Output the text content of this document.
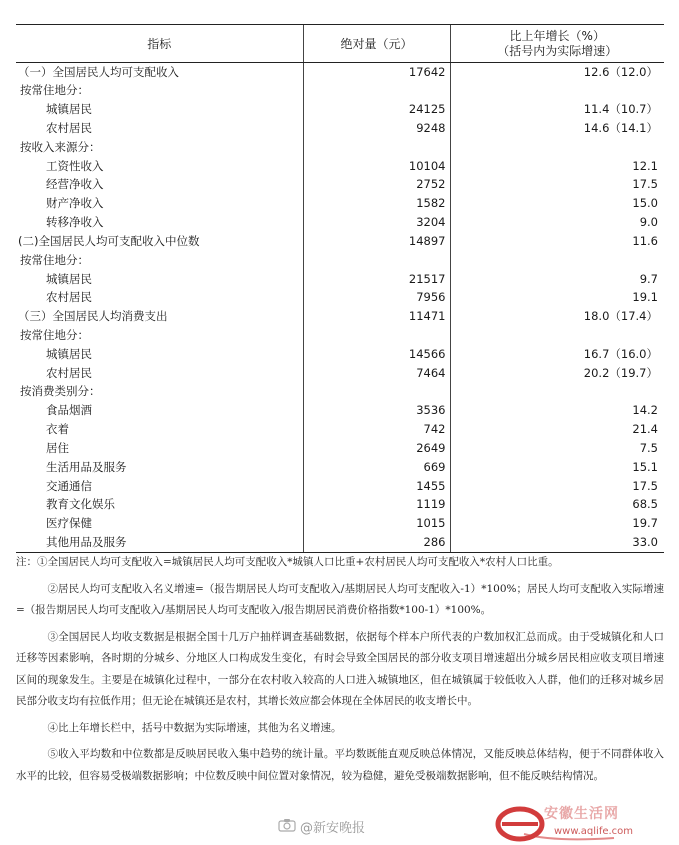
指标	绝对量（元）	比上年增长（%）
（括号内为实际增速）

（一）全国居民人均可支配收入	17642	12.6（12.0）
按常住地分：		
城镇居民	24125	11.4（10.7）
农村居民	9248	14.6（14.1）
按收入来源分：		
工资性收入	10104	12.1
经营净收入	2752	17.5
财产净收入	1582	15.0
转移净收入	3204	9.0
(二)全国居民人均可支配收入中位数	14897	11.6
按常住地分：		
城镇居民	21517	9.7
农村居民	7956	19.1
（三）全国居民人均消费支出	11471	18.0（17.4）
按常住地分：		
城镇居民	14566	16.7（16.0）
农村居民	7464	20.2（19.7）
按消费类别分：		
食品烟酒	3536	14.2
衣着	742	21.4
居住	2649	7.5
生活用品及服务	669	15.1
交通通信	1455	17.5
教育文化娱乐	1119	68.5
医疗保健	1015	19.7
其他用品及服务	286	33.0

注：①全国居民人均可支配收入=城镇居民人均可支配收入*城镇人口比重+农村居民人均可支配收入*农村人口比重。

②居民人均可支配收入名义增速=（报告期居民人均可支配收入/基期居民人均可支配收入-1）*100%；居民人均可支配收入实际增速=（报告期居民人均可支配收入/基期居民人均可支配收入/报告期居民消费价格指数*100-1）*100%。

③全国居民人均收支数据是根据全国十几万户抽样调查基础数据，依据每个样本户所代表的户数加权汇总而成。由于受城镇化和人口迁移等因素影响，各时期的分城乡、分地区人口构成发生变化，有时会导致全国居民的部分收支项目增速超出分城乡居民相应收支项目增速区间的现象发生。主要是在城镇化过程中，一部分在农村收入较高的人口进入城镇地区，但在城镇属于较低收入人群，他们的迁移对城乡居民部分收支均有拉低作用；但无论在城镇还是农村，其增长效应都会体现在全体居民的收支增长中。

④比上年增长栏中，括号中数据为实际增速，其他为名义增速。

⑤收入平均数和中位数都是反映居民收入集中趋势的统计量。平均数既能直观反映总体情况，又能反映总体结构，便于不同群体收入水平的比较，但容易受极端数据影响；中位数反映中间位置对象情况，较为稳健，避免受极端数据影响，但不能反映结构情况。

@新安晚报
安徽生活网
www.aqlife.com
